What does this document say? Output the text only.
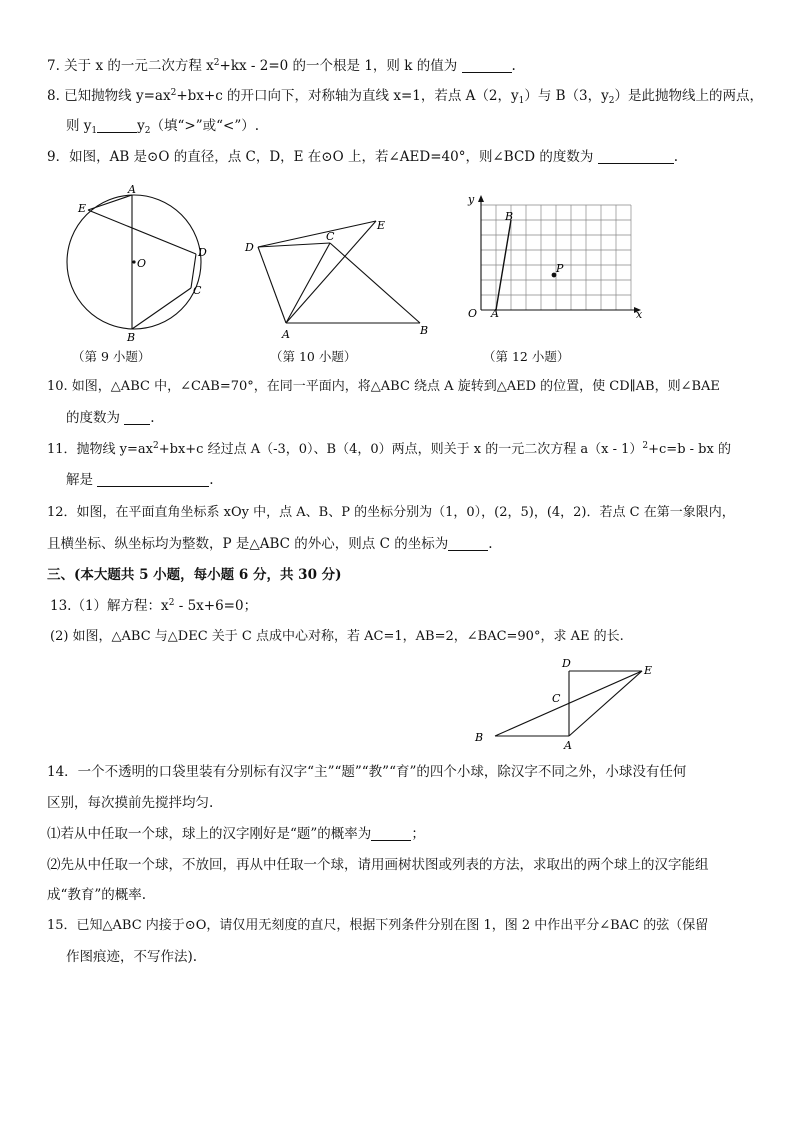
7. 关于 x 的一元二次方程 $x^2+kx - 2=0$ 的一个根是 1，则 k 的值为	.
8. 已知抛物线 $y=ax^2+bx+c$ 的开口向下，对称轴为直线 x=1，若点 A（2，$y_1$）与 B（3，$y_2$）是此抛物线上的两点，
则 $y_1$	$y_2$（填“>”或“<”）.
9．如图，AB 是⊙O 的直径，点 C，D，E 在⊙O 上，若∠AED=40°，则∠BCD 的度数为	.
A
B
C
D
E
O
A	B
C
D
E
y
x
O A
B
P
（第 9 小题）	（第 10 小题）	（第 12 小题）
10. 如图，△ABC 中，∠CAB=70°，在同一平面内，将△ABC 绕点 A 旋转到△AED 的位置，使 CD∥AB，则∠BAE
的度数为 .
11．抛物线 $y=ax^2+bx+c$ 经过点 A（-3，0）、B（4，0）两点，则关于 x 的一元二次方程 a（x - 1）$^2$+c=b - bx 的
解是	.
12．如图，在平面直角坐标系 xOy 中，点 A、B、P 的坐标分别为（1，0），(2，5)，(4，2)．若点 C 在第一象限内，
且横坐标、纵坐标均为整数，P 是△ABC 的外心，则点 C 的坐标为	.
三、(本大题共 5 小题，每小题 6 分，共 30 分)
13.（1）解方程：$x^2 - 5x+6=0$；
(2) 如图，△ABC 与△DEC 关于 C 点成中心对称，若 AC=1，AB=2，∠BAC=90°，求 AE 的长.
B
A
C
D
E
14．一个不透明的口袋里装有分别标有汉字“主”“题”“教”“育”的四个小球，除汉字不同之外，小球没有任何
区别，每次摸前先搅拌均匀.
⑴若从中任取一个球，球上的汉字刚好是“题”的概率为	；
⑵先从中任取一个球，不放回，再从中任取一个球，请用画树状图或列表的方法，求取出的两个球上的汉字能组
成“教育”的概率.
15．已知△ABC 内接于⊙O，请仅用无刻度的直尺，根据下列条件分别在图 1，图 2 中作出平分∠BAC 的弦（保留
作图痕迹，不写作法).
